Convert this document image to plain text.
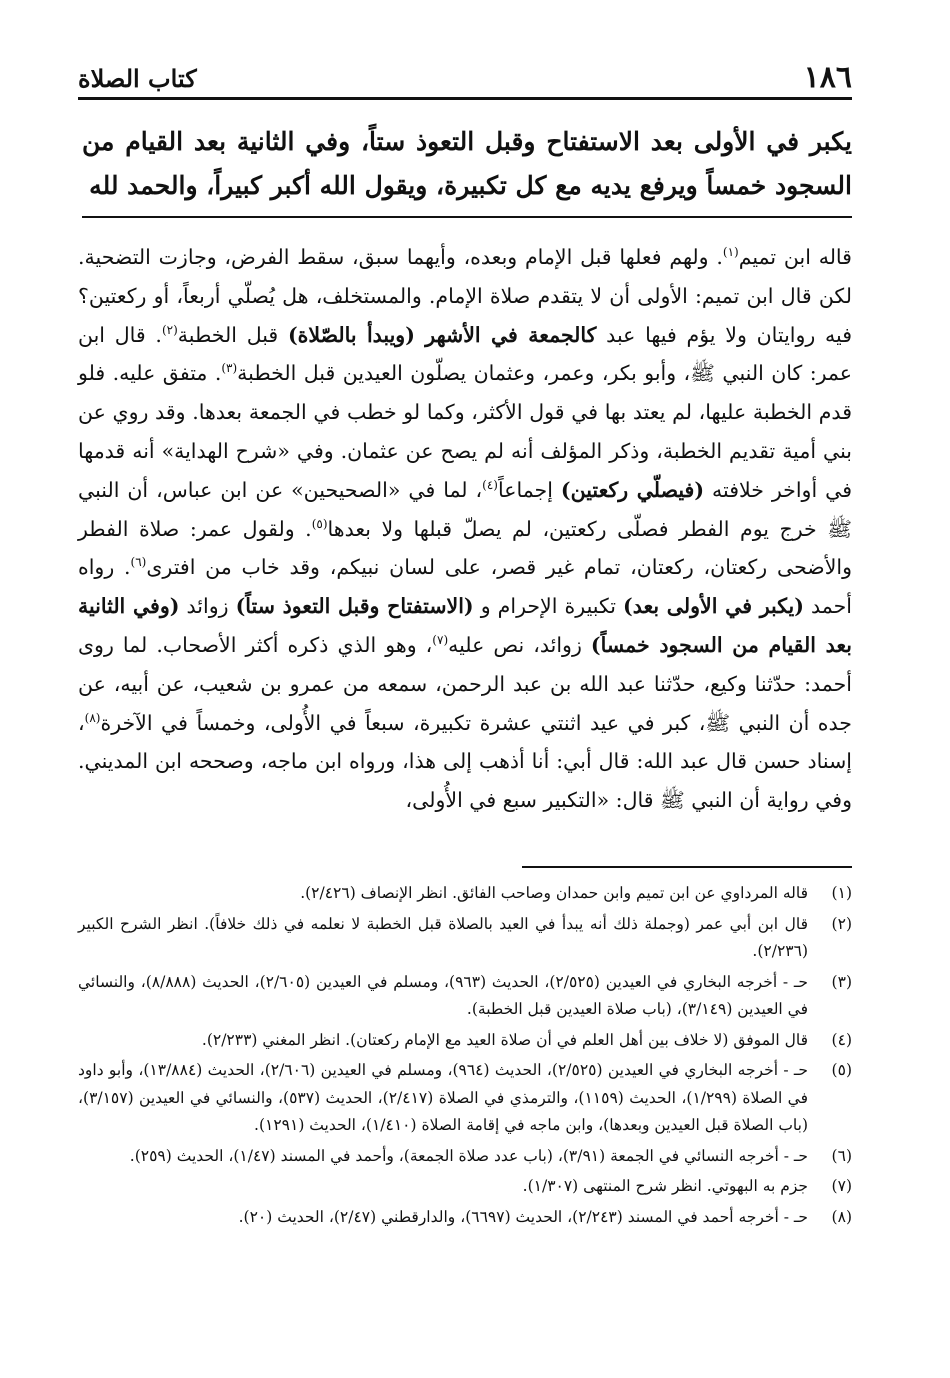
١٨٦
كتاب الصلاة
يكبر في الأولى بعد الاستفتاح وقبل التعوذ ستاً، وفي الثانية بعد القيام من السجود خمساً ويرفع يديه مع كل تكبيرة، ويقول الله أكبر كبيراً، والحمد لله

قاله ابن تميم$^{(١)}$. ولهم فعلها قبل الإمام وبعده، وأيهما سبق، سقط الفرض، وجازت التضحية. لكن قال ابن تميم: الأولى أن لا يتقدم صلاة الإمام. والمستخلف، هل يُصلّي أربعاً، أو ركعتين؟ فيه روايتان ولا يؤم فيها عبد كالجمعة في الأشهر (ويبدأ بالصّلاة) قبل الخطبة$^{(٢)}$. قال ابن عمر: كان النبي ﷺ، وأبو بكر، وعمر، وعثمان يصلّون العيدين قبل الخطبة$^{(٣)}$. متفق عليه. فلو قدم الخطبة عليها، لم يعتد بها في قول الأكثر، وكما لو خطب في الجمعة بعدها. وقد روي عن بني أمية تقديم الخطبة، وذكر المؤلف أنه لم يصح عن عثمان. وفي «شرح الهداية» أنه قدمها في أواخر خلافته (فيصلّي ركعتين) إجماعاً$^{(٤)}$، لما في «الصحيحين» عن ابن عباس، أن النبي ﷺ خرج يوم الفطر فصلّى ركعتين، لم يصلّ قبلها ولا بعدها$^{(٥)}$. ولقول عمر: صلاة الفطر والأضحى ركعتان، ركعتان، تمام غير قصر، على لسان نبيكم، وقد خاب من افترى$^{(٦)}$. رواه أحمد (يكبر في الأولى بعد) تكبيرة الإحرام و (الاستفتاح وقبل التعوذ ستاً) زوائد (وفي الثانية بعد القيام من السجود خمساً) زوائد، نص عليه$^{(٧)}$، وهو الذي ذكره أكثر الأصحاب. لما روى أحمد: حدّثنا وكيع، حدّثنا عبد الله بن عبد الرحمن، سمعه من عمرو بن شعيب، عن أبيه، عن جده أن النبي ﷺ، كبر في عيد اثنتي عشرة تكبيرة، سبعاً في الأُولى، وخمساً في الآخرة$^{(٨)}$، إسناد حسن قال عبد الله: قال أبي: أنا أذهب إلى هذا، ورواه ابن ماجه، وصححه ابن المديني. وفي رواية أن النبي ﷺ قال: «التكبير سبع في الأُولى،

(١)
قاله المرداوي عن ابن تميم وابن حمدان وصاحب الفائق. انظر الإنصاف (٢/٤٢٦).
(٢)
قال ابن أبي عمر (وجملة ذلك أنه يبدأ في العيد بالصلاة قبل الخطبة لا نعلمه في ذلك خلافاً). انظر الشرح الكبير (٢/٢٣٦).
(٣)
حـ - أخرجه البخاري في العيدين (٢/٥٢٥)، الحديث (٩٦٣)، ومسلم في العيدين (٢/٦٠٥)، الحديث (٨/٨٨٨)، والنسائي في العيدين (٣/١٤٩)، (باب صلاة العيدين قبل الخطبة).
(٤)
قال الموفق (لا خلاف بين أهل العلم في أن صلاة العيد مع الإمام ركعتان). انظر المغني (٢/٢٣٣).
(٥)
حـ - أخرجه البخاري في العيدين (٢/٥٢٥)، الحديث (٩٦٤)، ومسلم في العيدين (٢/٦٠٦)، الحديث (١٣/٨٨٤)، وأبو داود في الصلاة (١/٢٩٩)، الحديث (١١٥٩)، والترمذي في الصلاة (٢/٤١٧)، الحديث (٥٣٧)، والنسائي في العيدين (٣/١٥٧)، (باب الصلاة قبل العيدين وبعدها)، وابن ماجه في إقامة الصلاة (١/٤١٠)، الحديث (١٢٩١).
(٦)
حـ - أخرجه النسائي في الجمعة (٣/٩١)، (باب عدد صلاة الجمعة)، وأحمد في المسند (١/٤٧)، الحديث (٢٥٩).
(٧)
جزم به البهوتي. انظر شرح المنتهى (١/٣٠٧).
(٨)
حـ - أخرجه أحمد في المسند (٢/٢٤٣)، الحديث (٦٦٩٧)، والدارقطني (٢/٤٧)، الحديث (٢٠).
